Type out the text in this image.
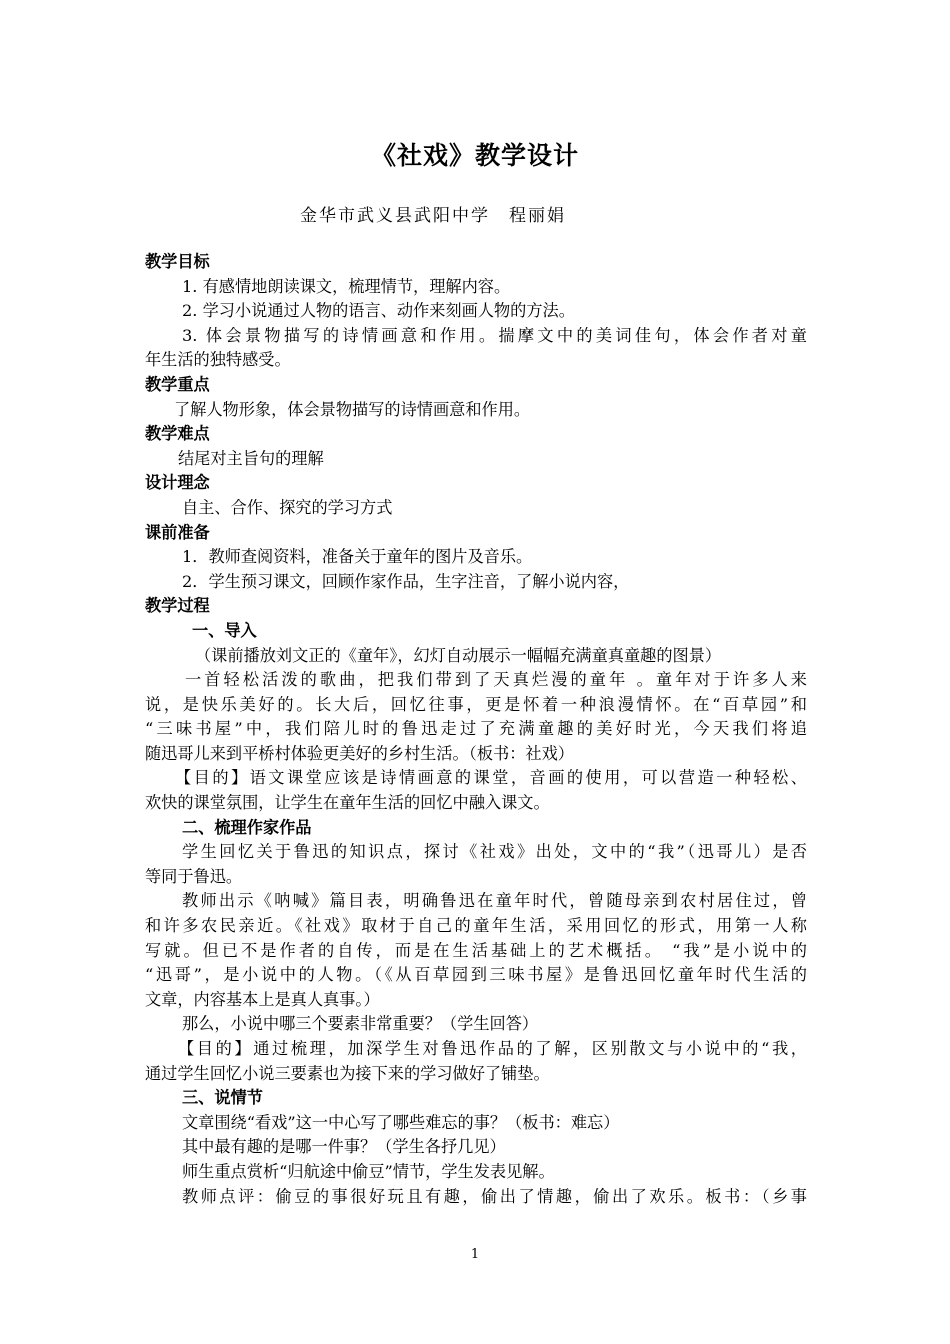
《社戏》教学设计
金华市武义县武阳中学　程丽娟
教学目标
1. 有感情地朗读课文，梳理情节，理解内容。
2. 学习小说通过人物的语言、动作来刻画人物的方法。
3. 体会景物描写的诗情画意和作用。揣摩文中的美词佳句，体会作者对童
年生活的独特感受。
教学重点
了解人物形象，体会景物描写的诗情画意和作用。
教学难点
结尾对主旨句的理解
设计理念
自主、合作、探究的学习方式
课前准备
1．教师查阅资料，准备关于童年的图片及音乐。
2．学生预习课文，回顾作家作品，生字注音，了解小说内容，
教学过程
一、导入
（课前播放刘文正的《童年》，幻灯自动展示一幅幅充满童真童趣的图景）
一首轻松活泼的歌曲，把我们带到了天真烂漫的童年 。童年对于许多人来
说，是快乐美好的。长大后，回忆往事，更是怀着一种浪漫情怀。在“百草园”和
“三味书屋”中，我们陪儿时的鲁迅走过了充满童趣的美好时光，今天我们将追
随迅哥儿来到平桥村体验更美好的乡村生活。（板书：社戏）
【目的】语文课堂应该是诗情画意的课堂，音画的使用，可以营造一种轻松、
欢快的课堂氛围，让学生在童年生活的回忆中融入课文。
二、梳理作家作品
学生回忆关于鲁迅的知识点，探讨《社戏》出处，文中的“我”（迅哥儿）是否
等同于鲁迅。
教师出示《呐喊》篇目表，明确鲁迅在童年时代，曾随母亲到农村居住过，曾
和许多农民亲近。《社戏》取材于自己的童年生活，采用回忆的形式，用第一人称
写就。但已不是作者的自传，而是在生活基础上的艺术概括。 “我”是小说中的
“迅哥”，是小说中的人物。（《从百草园到三味书屋》是鲁迅回忆童年时代生活的
文章，内容基本上是真人真事。）
那么，小说中哪三个要素非常重要？（学生回答）
【目的】通过梳理，加深学生对鲁迅作品的了解，区别散文与小说中的“我，
通过学生回忆小说三要素也为接下来的学习做好了铺垫。
三、说情节
文章围绕“看戏”这一中心写了哪些难忘的事？（板书：难忘）
其中最有趣的是哪一件事？（学生各抒几见）
师生重点赏析“归航途中偷豆”情节，学生发表见解。
教师点评：偷豆的事很好玩且有趣，偷出了情趣，偷出了欢乐。板书：（乡事
1
